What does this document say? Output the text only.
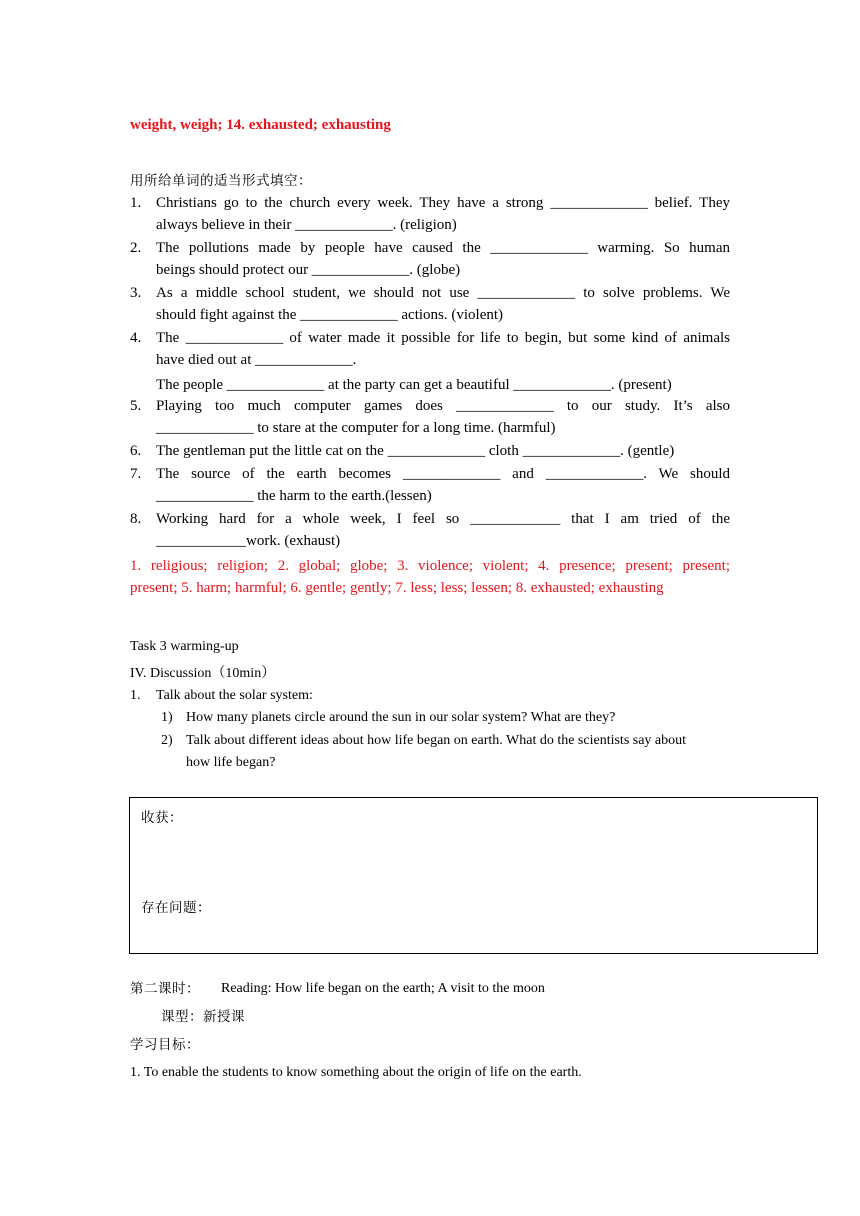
weight, weigh; 14. exhausted; exhausting
用所给单词的适当形式填空：
1. Christians go to the church every week. They have a strong _____________ belief. They
always believe in their _____________. (religion)
2. The pollutions made by people have caused the _____________ warming. So human
beings should protect our _____________. (globe)
3. As a middle school student, we should not use _____________ to solve problems. We
should fight against the _____________ actions. (violent)
4. The _____________ of water made it possible for life to begin, but some kind of animals
have died out at _____________.
The people _____________ at the party can get a beautiful _____________. (present)
5. Playing too much computer games does _____________ to our study. It’s also
_____________ to stare at the computer for a long time. (harmful)
6. The gentleman put the little cat on the _____________ cloth _____________. (gentle)
7. The source of the earth becomes _____________ and _____________. We should
_____________ the harm to the earth.(lessen)
8. Working hard for a whole week, I feel so ____________ that I am tried of the
____________work. (exhaust)
1. religious; religion; 2. global; globe; 3. violence; violent; 4. presence; present; present;
present; 5. harm; harmful; 6. gentle; gently; 7. less; less; lessen; 8. exhausted; exhausting
Task 3 warming-up
IV. Discussion（10min）
1. Talk about the solar system:
1) How many planets circle around the sun in our solar system? What are they?
2) Talk about different ideas about how life began on earth. What do the scientists say about
how life began?
收获：
存在问题：
第二课时： Reading: How life began on the earth; A visit to the moon
课型：新授课
学习目标：
1. To enable the students to know something about the origin of life on the earth.
